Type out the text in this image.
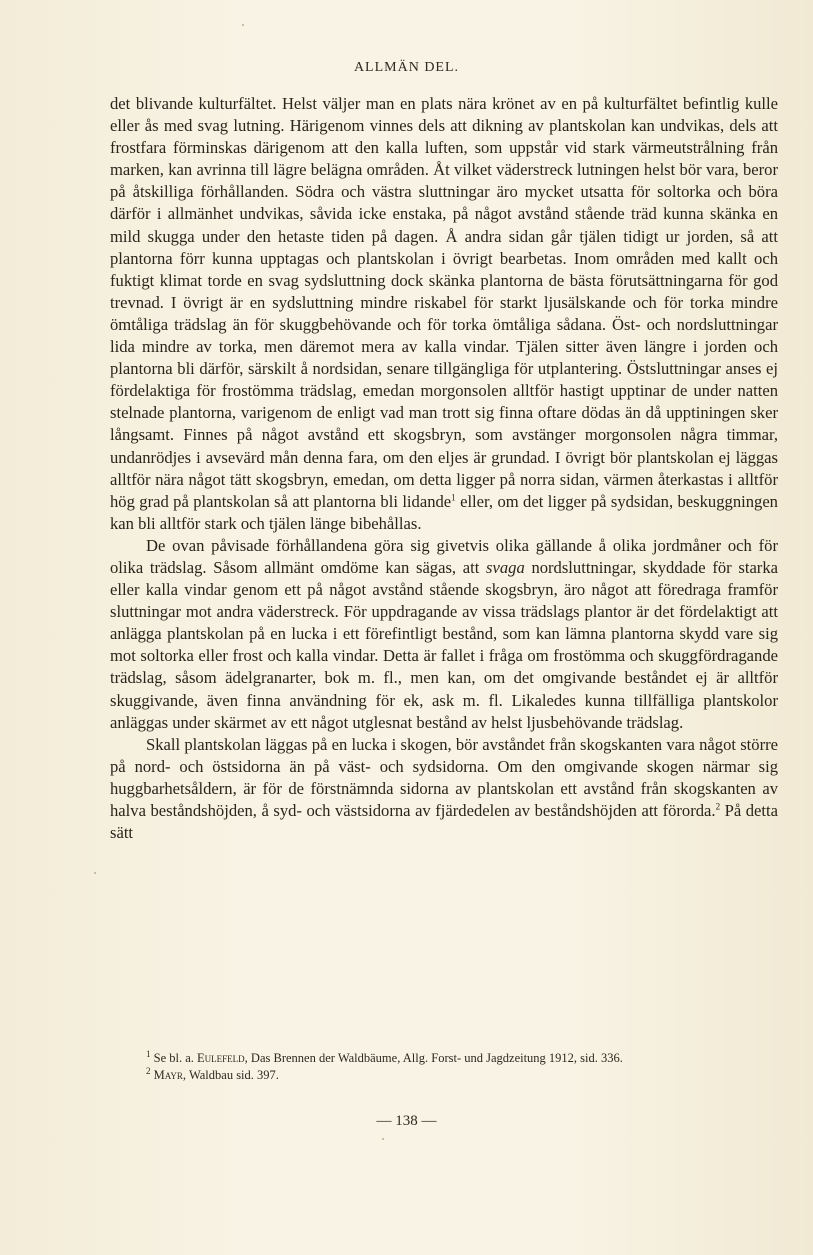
ALLMÄN DEL.

det blivande kulturfältet. Helst väljer man en plats nära krönet av en på kulturfältet befintlig kulle eller ås med svag lutning. Härigenom vinnes dels att dikning av plantskolan kan undvikas, dels att frostfara förminskas därigenom att den kalla luften, som uppstår vid stark värmeutstrålning från marken, kan avrinna till lägre belägna områden. Åt vilket väderstreck lutningen helst bör vara, beror på åtskilliga förhållanden. Södra och västra sluttningar äro mycket utsatta för soltorka och böra därför i allmänhet undvikas, såvida icke enstaka, på något avstånd stående träd kunna skänka en mild skugga under den hetaste tiden på dagen. Å andra sidan går tjälen tidigt ur jorden, så att plantorna förr kunna upptagas och plantskolan i övrigt bearbetas. Inom områden med kallt och fuktigt klimat torde en svag sydsluttning dock skänka plantorna de bästa förutsättningarna för god trevnad. I övrigt är en sydsluttning mindre riskabel för starkt ljusälskande och för torka mindre ömtåliga trädslag än för skuggbehövande och för torka ömtåliga sådana. Öst- och nordsluttningar lida mindre av torka, men däremot mera av kalla vindar. Tjälen sitter även längre i jorden och plantorna bli därför, särskilt å nordsidan, senare tillgängliga för utplantering. Östsluttningar anses ej fördelaktiga för frostömma trädslag, emedan morgonsolen alltför hastigt upptinar de under natten stelnade plantorna, varigenom de enligt vad man trott sig finna oftare dödas än då upptiningen sker långsamt. Finnes på något avstånd ett skogsbryn, som avstänger morgonsolen några timmar, undanrödjes i avsevärd mån denna fara, om den eljes är grundad. I övrigt bör plantskolan ej läggas alltför nära något tätt skogsbryn, emedan, om detta ligger på norra sidan, värmen återkastas i alltför hög grad på plantskolan så att plantorna bli lidande$^1$ eller, om det ligger på sydsidan, beskuggningen kan bli alltför stark och tjälen länge bibehållas.

De ovan påvisade förhållandena göra sig givetvis olika gällande å olika jordmåner och för olika trädslag. Såsom allmänt omdöme kan sägas, att svaga nordsluttningar, skyddade för starka eller kalla vindar genom ett på något avstånd stående skogsbryn, äro något att föredraga framför sluttningar mot andra väderstreck. För uppdragande av vissa trädslags plantor är det fördelaktigt att anlägga plantskolan på en lucka i ett förefintligt bestånd, som kan lämna plantorna skydd vare sig mot soltorka eller frost och kalla vindar. Detta är fallet i fråga om frostömma och skuggfördragande trädslag, såsom ädelgranarter, bok m. fl., men kan, om det omgivande beståndet ej är alltför skuggivande, även finna användning för ek, ask m. fl. Likaledes kunna tillfälliga plantskolor anläggas under skärmet av ett något utglesnat bestånd av helst ljusbehövande trädslag.

Skall plantskolan läggas på en lucka i skogen, bör avståndet från skogskanten vara något större på nord- och östsidorna än på väst- och sydsidorna. Om den omgivande skogen närmar sig huggbarhetsåldern, är för de förstnämnda sidorna av plantskolan ett avstånd från skogskanten av halva beståndshöjden, å syd- och västsidorna av fjärdedelen av beståndshöjden att förorda.$^2$ På detta sätt

$^1$ Se bl. a. Eulefeld, Das Brennen der Waldbäume, Allg. Forst- und Jagdzeitung 1912, sid. 336.

$^2$ Mayr, Waldbau sid. 397.

— 138 —
